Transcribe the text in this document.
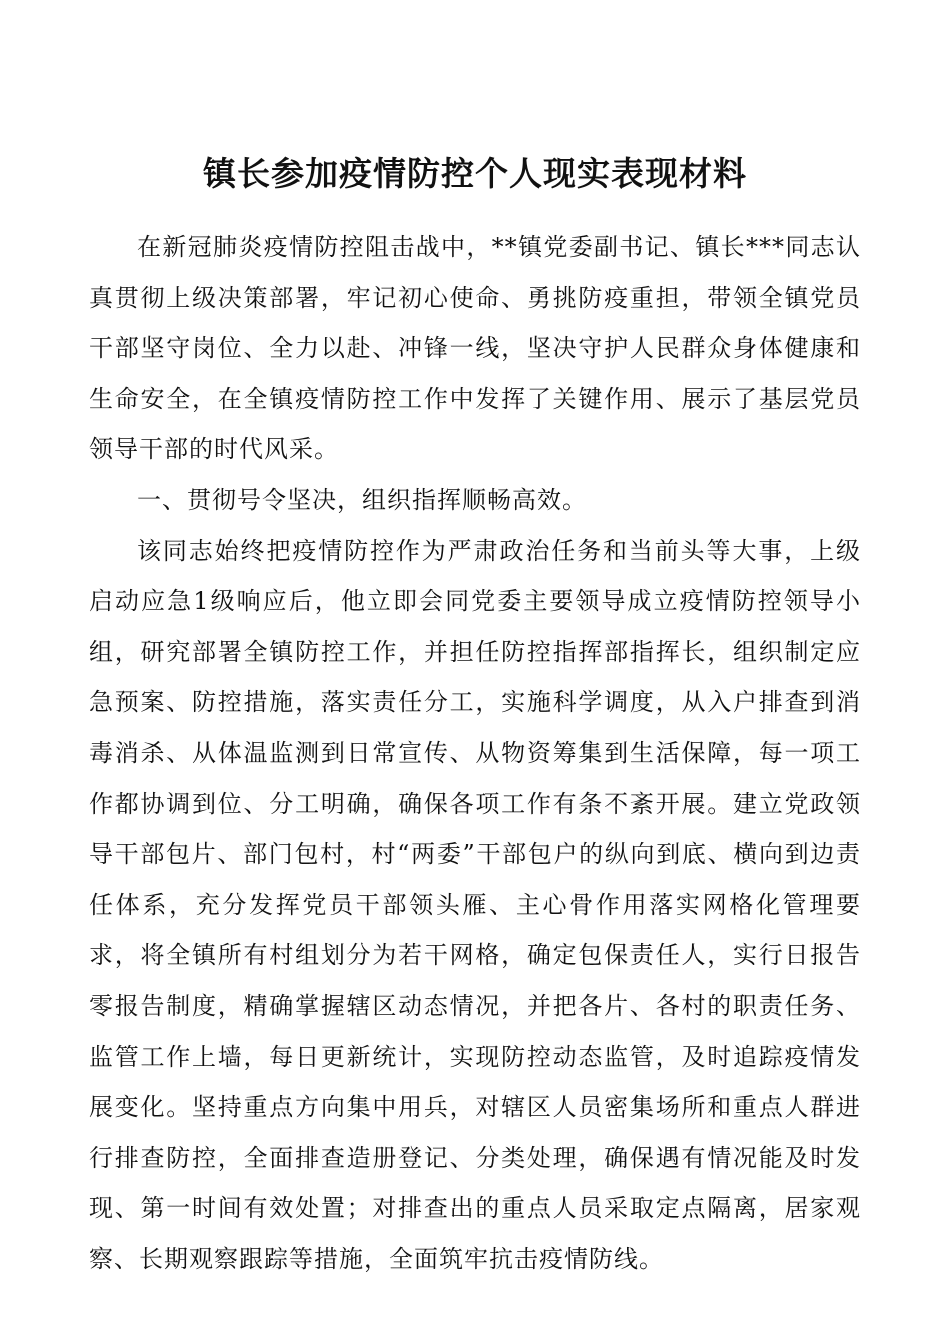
镇长参加疫情防控个人现实表现材料

在新冠肺炎疫情防控阻击战中，**镇党委副书记、镇长***同志认真贯彻上级决策部署，牢记初心使命、勇挑防疫重担，带领全镇党员干部坚守岗位、全力以赴、冲锋一线，坚决守护人民群众身体健康和生命安全，在全镇疫情防控工作中发挥了关键作用、展示了基层党员领导干部的时代风采。

一、贯彻号令坚决，组织指挥顺畅高效。

该同志始终把疫情防控作为严肃政治任务和当前头等大事，上级启动应急1级响应后，他立即会同党委主要领导成立疫情防控领导小组，研究部署全镇防控工作，并担任防控指挥部指挥长，组织制定应急预案、防控措施，落实责任分工，实施科学调度，从入户排查到消毒消杀、从体温监测到日常宣传、从物资筹集到生活保障，每一项工作都协调到位、分工明确，确保各项工作有条不紊开展。建立党政领导干部包片、部门包村，村“两委”干部包户的纵向到底、横向到边责任体系，充分发挥党员干部领头雁、主心骨作用落实网格化管理要求，将全镇所有村组划分为若干网格，确定包保责任人，实行日报告零报告制度，精确掌握辖区动态情况，并把各片、各村的职责任务、监管工作上墙，每日更新统计，实现防控动态监管，及时追踪疫情发展变化。坚持重点方向集中用兵，对辖区人员密集场所和重点人群进行排查防控，全面排查造册登记、分类处理，确保遇有情况能及时发现、第一时间有效处置；对排查出的重点人员采取定点隔离，居家观察、长期观察跟踪等措施，全面筑牢抗击疫情防线。
